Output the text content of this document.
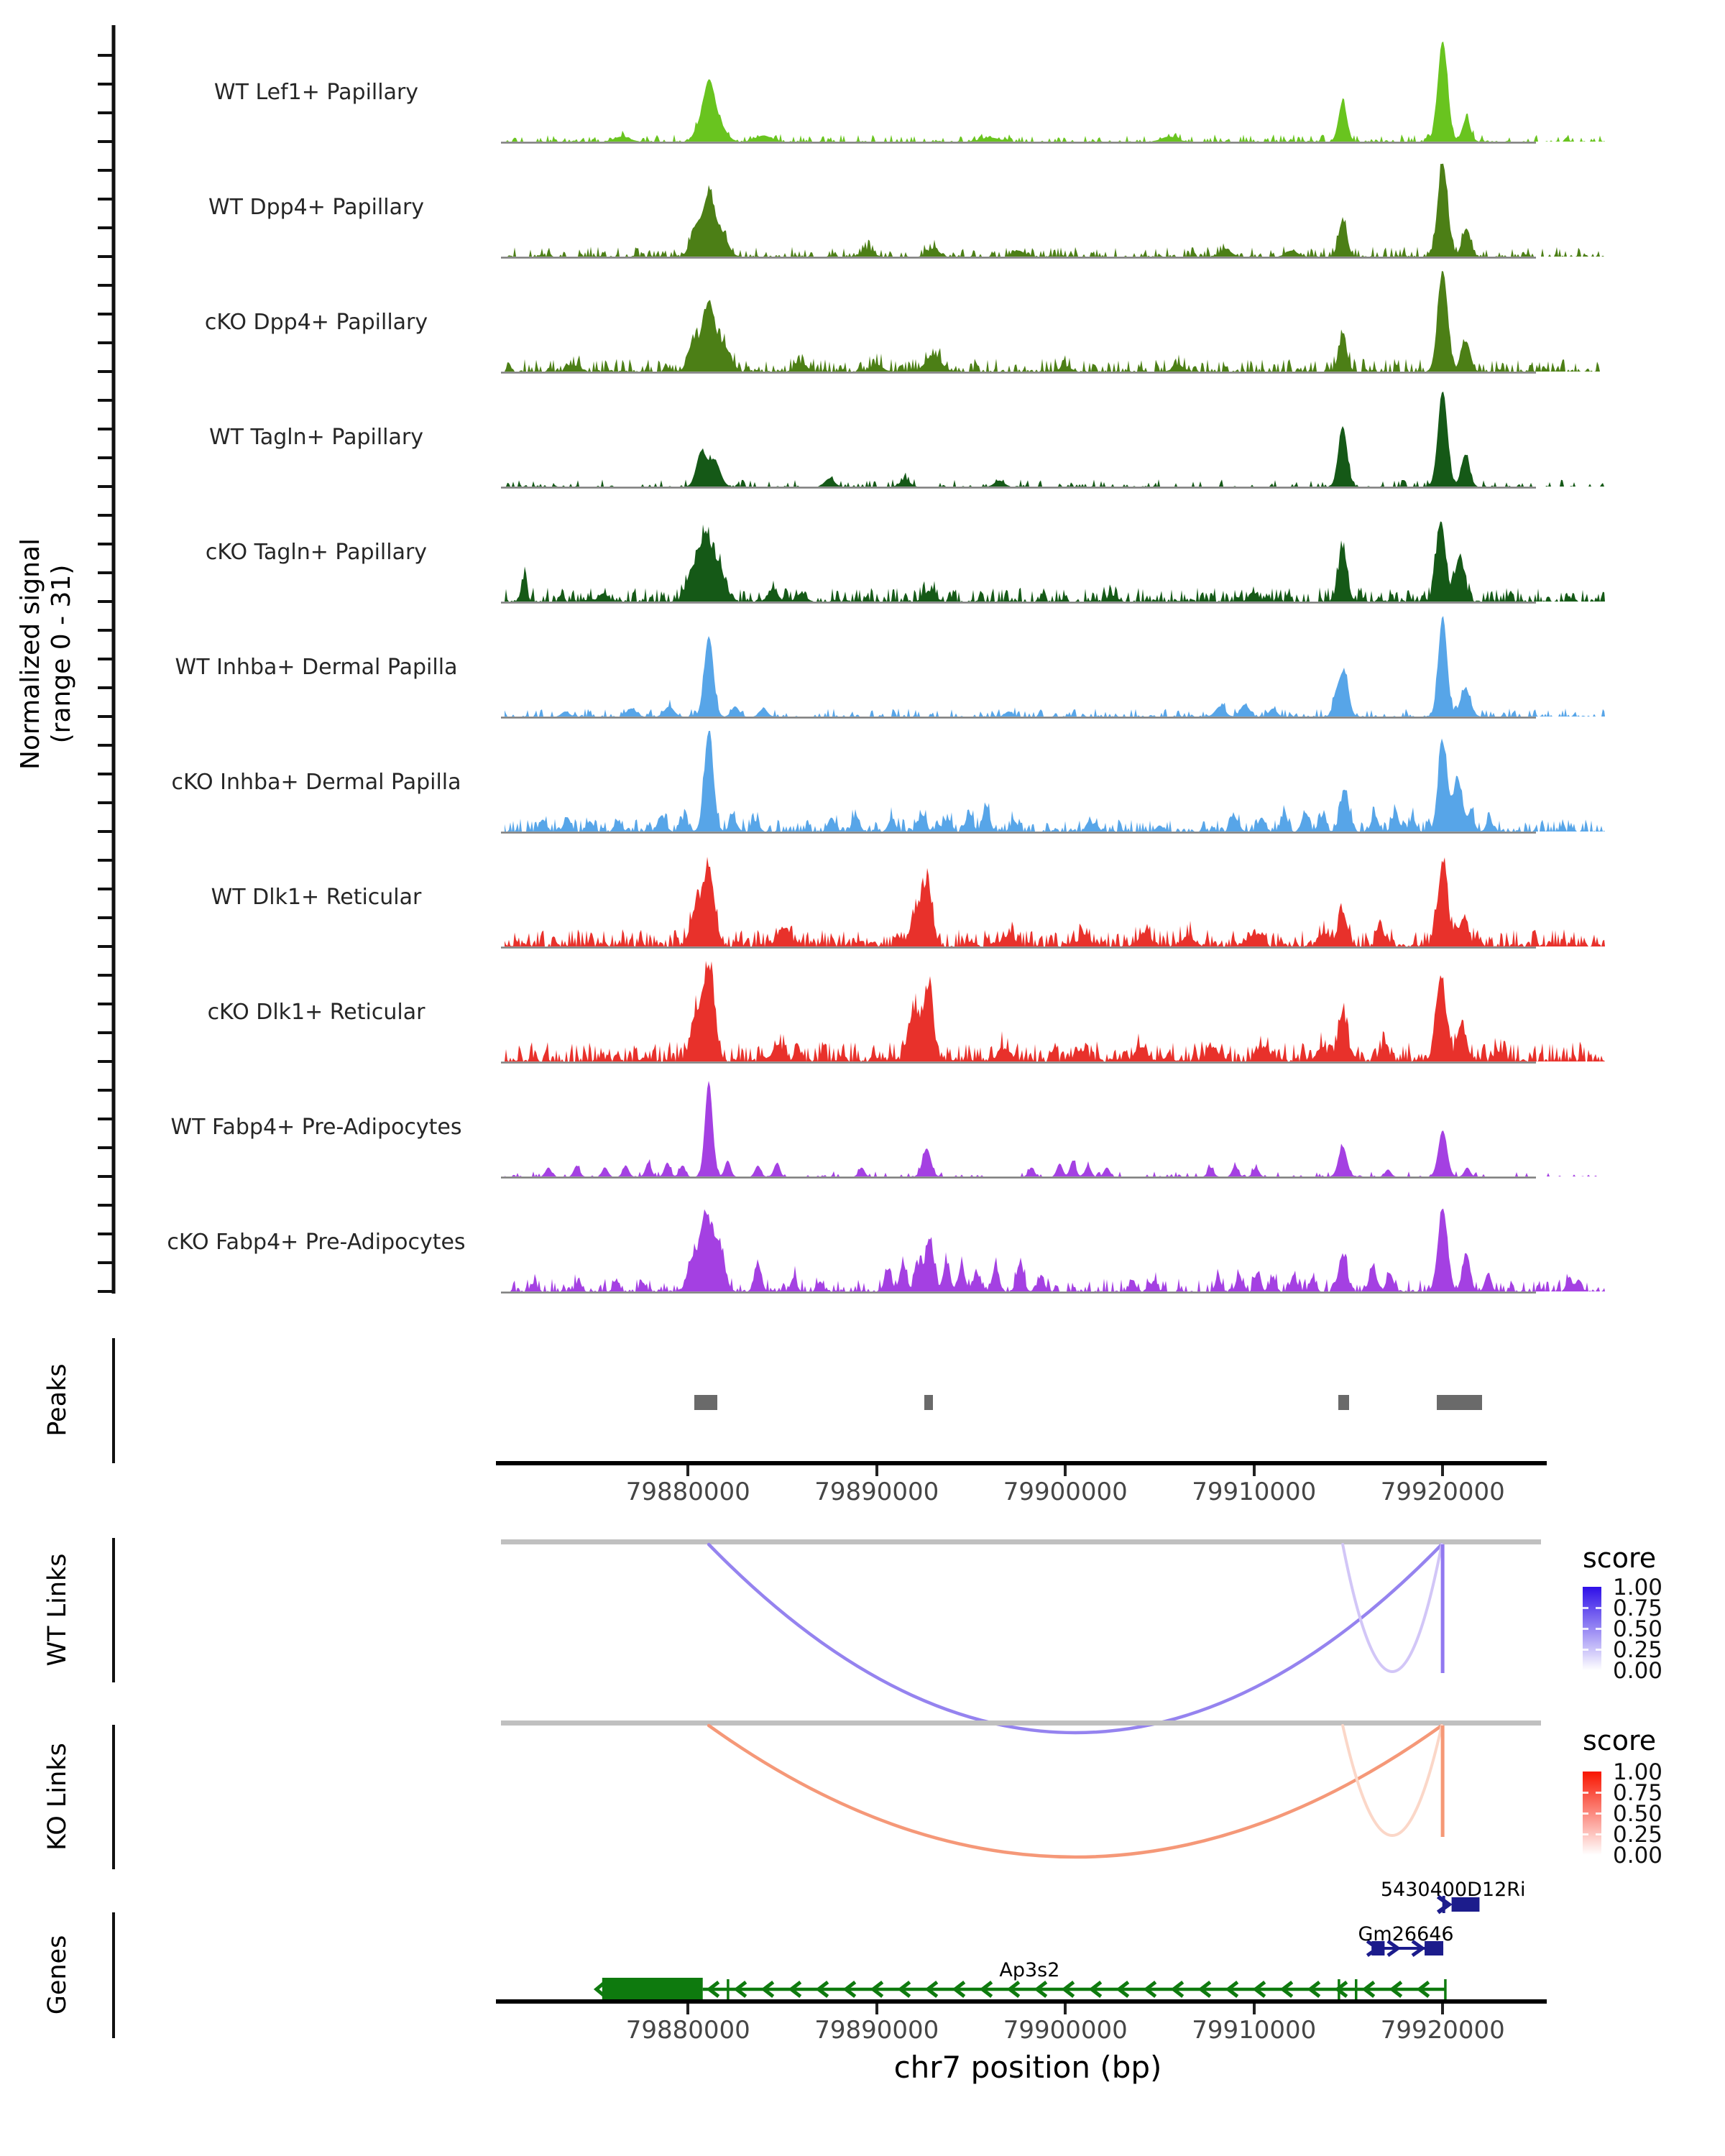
Normalized signal (range 0 - 31)
WT Lef1+ Papillary
WT Dpp4+ Papillary
cKO Dpp4+ Papillary
WT Tagln+ Papillary
cKO Tagln+ Papillary
WT Inhba+ Dermal Papilla
cKO Inhba+ Dermal Papilla
WT Dlk1+ Reticular
cKO Dlk1+ Reticular
WT Fabp4+ Pre-Adipocytes
cKO Fabp4+ Pre-Adipocytes
Peaks
79880000	79890000	79900000	79910000	79920000
WT Links	score
1.00
0.75
0.50
0.25
0.00
KO Links
score
1.00
0.75
0.50
0.25
0.00
Genes
5430400D12Ri
Gm26646
Ap3s2
79880000	79890000	79900000	79910000	79920000
chr7 position (bp)
